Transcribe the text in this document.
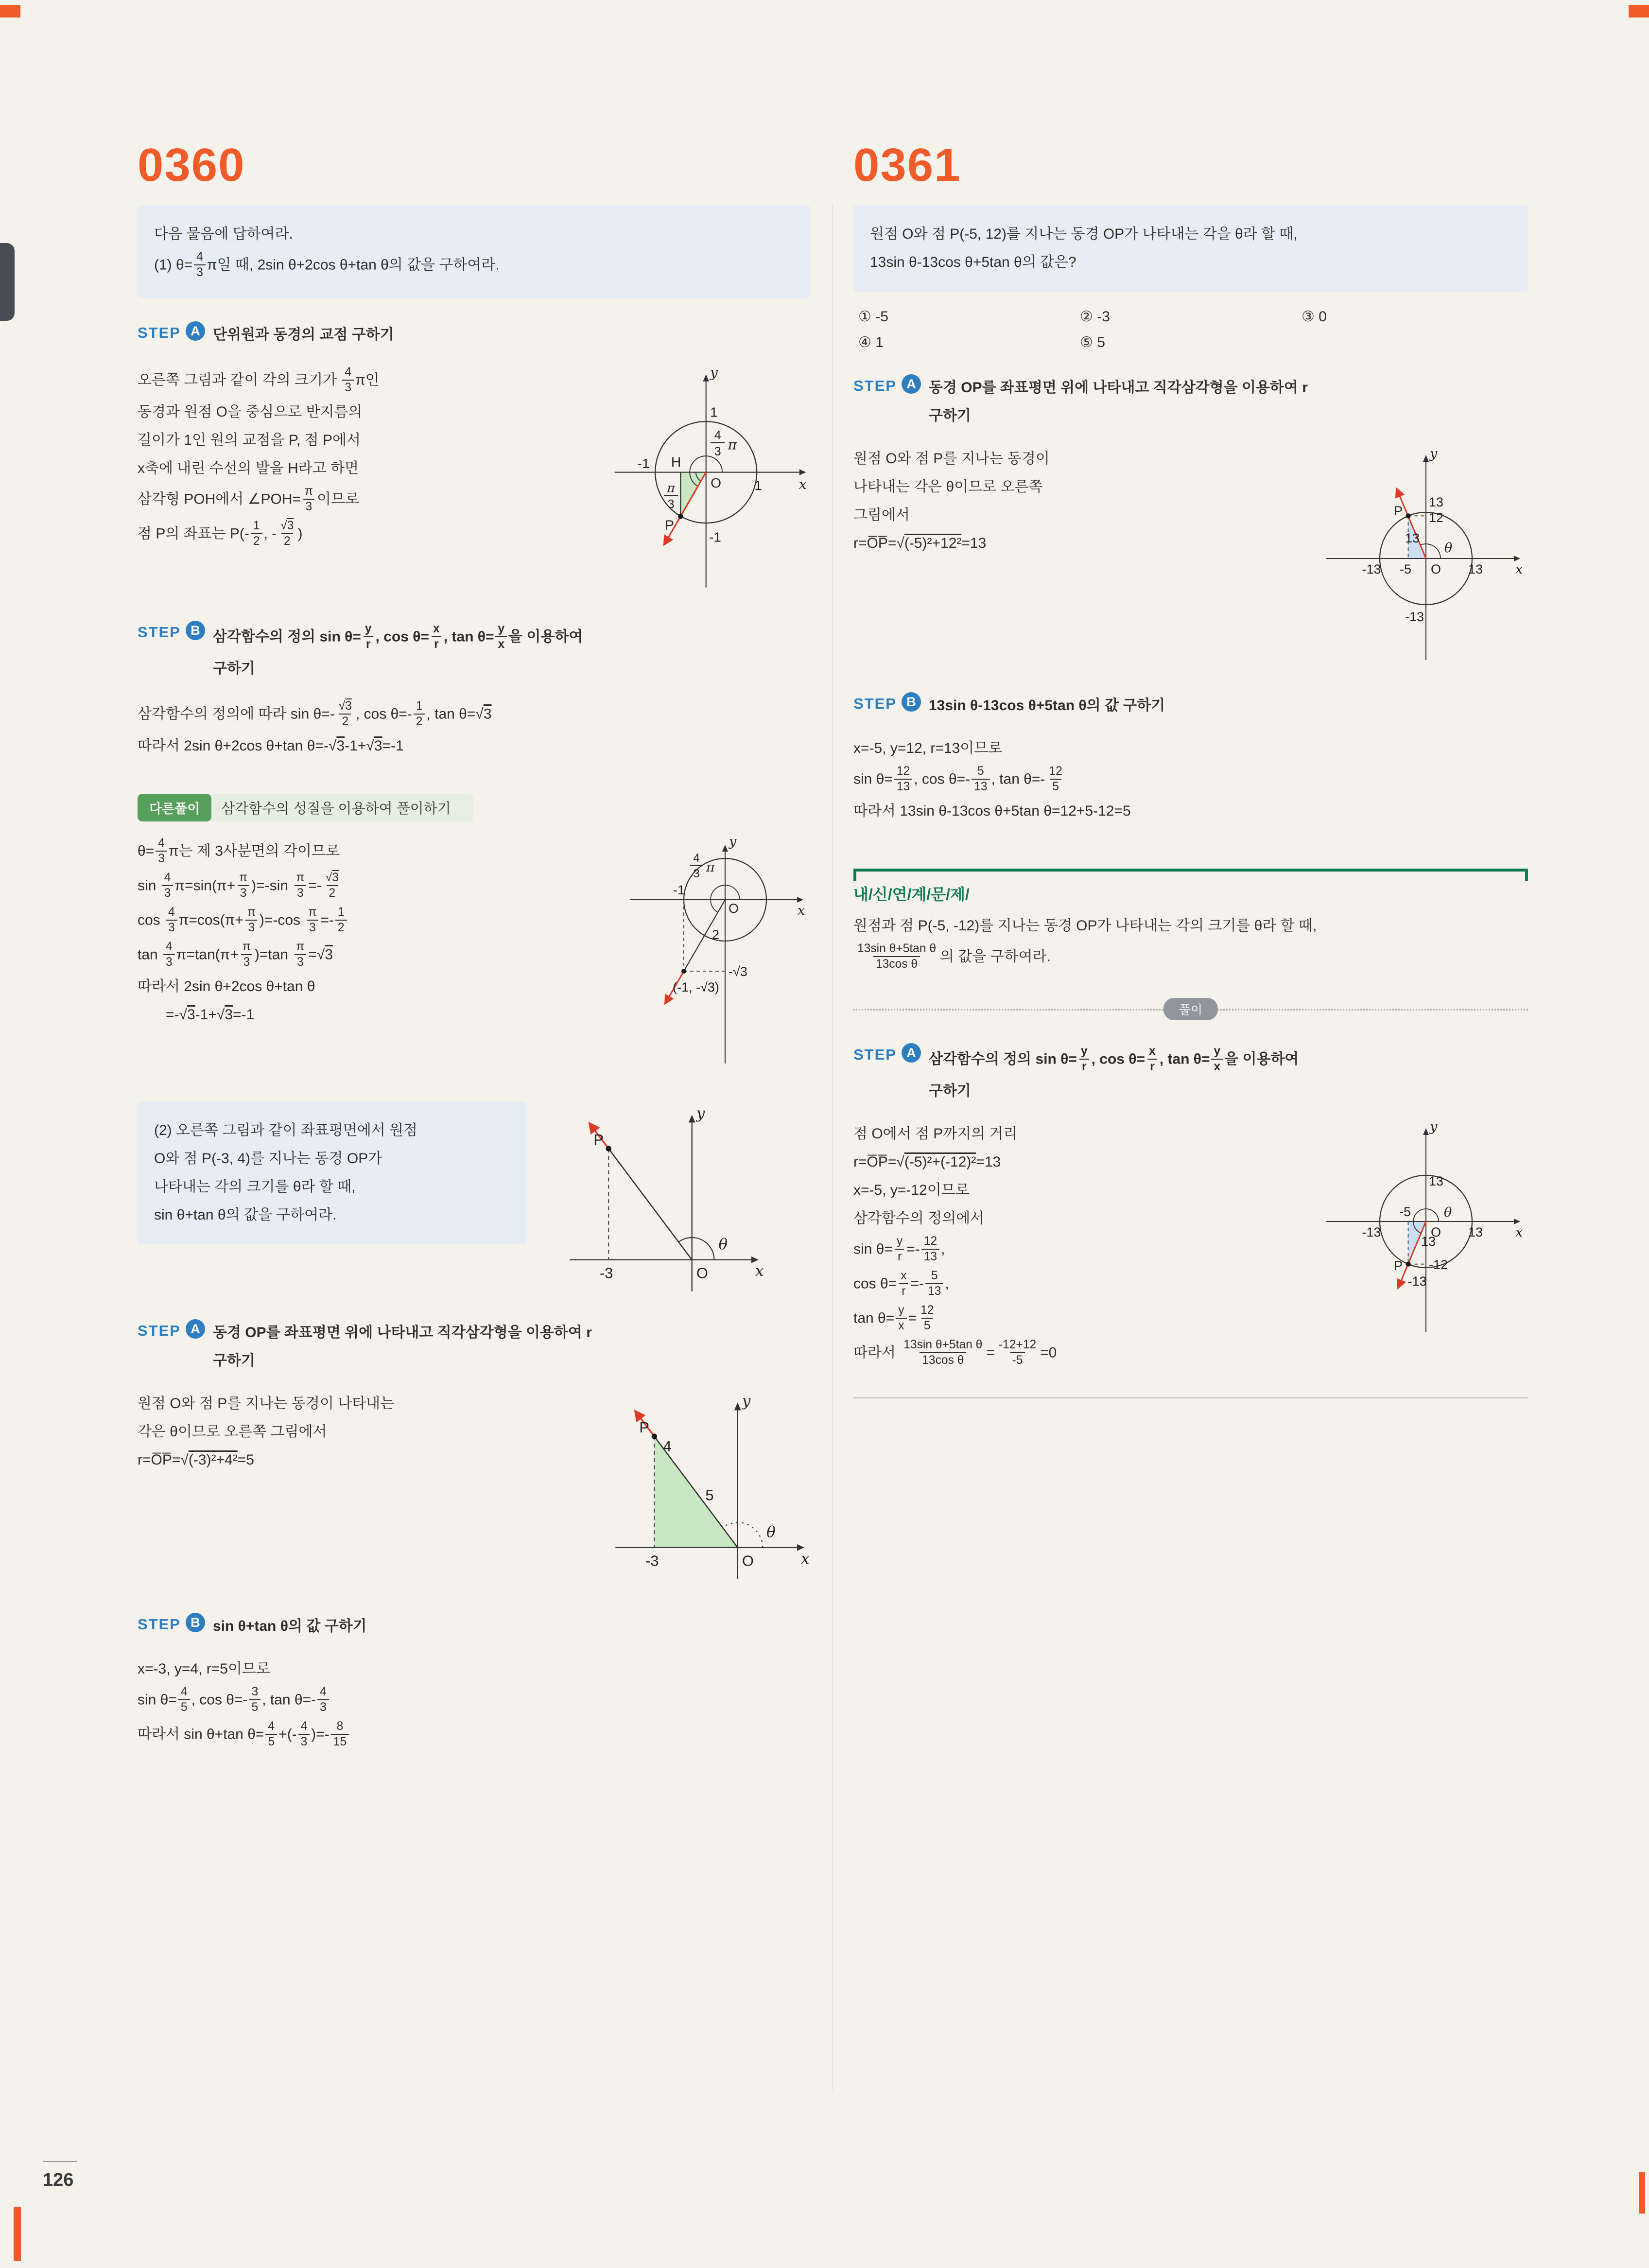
0360
다음 물음에 답하여라.
(1) $\theta= \frac{4}{3}$ π일 때, 2sin θ+2cos θ+tan θ의 값을 구하여라.
STEP A 단위원과 동경의 교점 구하기
y
x
1
1
-1
-1
H
O
P
4
3 π
π
3
오른쪽 그림과 같이 각의 크기가 $\frac{4}{3}$ π인
동경과 원점 O을 중심으로 반지름의
길이가 1인 원의 교점을 P, 점 P에서
x축에 내린 수선의 발을 H라고 하면
삼각형 POH에서 ∠POH= $\frac{\pi}{3}$ 이므로
점 P의 좌표는 $P(- \frac{1}{2}$ , - $\frac{√3}{2}$ )
STEP B 삼각함수의 정의 $\sin \theta= \frac{y}{r}$ , $\cos \theta= \frac{x}{r}$ , $\tan \theta= \frac{y}{x}$ 을 이용하여
구하기
삼각함수의 정의에 따라 $\sin \theta=- \frac{√3}{2}$ , $\cos \theta=- \frac{1}{2}$ , tan θ=√3
따라서 2sin θ+2cos θ+tan θ=-√3-1+√3=-1
다른풀이	삼각함수의 성질을 이용하여 풀이하기
y
x
-1
O
2
-√3
(-1, -√3)
4
3 π
$\theta= \frac{4}{3}$ π는 제 3사분면의 각이므로
$\sin \frac{4}{3} \pi=\sin(\pi+ \frac{\pi}{3} )=-\sin \frac{\pi}{3} =- \frac{√3}{2}$
$\cos \frac{4}{3} \pi=\cos(\pi+ \frac{\pi}{3} )=-\cos \frac{\pi}{3} =- \frac{1}{2}$
$\tan \frac{4}{3} \pi=\tan(\pi+ \frac{\pi}{3} )=\tan \frac{\pi}{3} =√3$
따라서 2sin θ+2cos θ+tan θ
=-√3-1+√3=-1
(2) 오른쪽 그림과 같이 좌표평면에서 원점
O와 점 P(-3, 4)를 지나는 동경 OP가
나타내는 각의 크기를 θ라 할 때,
sin θ+tan θ의 값을 구하여라.
y
x
P
-3	O
θ
STEP A 동경 OP를 좌표평면 위에 나타내고 직각삼각형을 이용하여 r
구하기
y
x
P
4
5
-3	O
θ
원점 O와 점 P를 지나는 동경이 나타내는
각은 θ이므로 오른쪽 그림에서
r=O̅P̅=√(-3)²+4²=5
STEP B sin θ+tan θ의 값 구하기
x=-3, y=4, r=5이므로
$\sin \theta= \frac{4}{5}$ , $\cos \theta=- \frac{3}{5}$ , $\tan \theta=- \frac{4}{3}$
따라서 sin θ+tan $\theta= \frac{4}{5}$ +(- $\frac{4}{3}$ )=- $\frac{8}{15}$
0361
원점 O와 점 P(-5, 12)를 지나는 동경 OP가 나타내는 각을 θ라 할 때,
13sin θ-13cos θ+5tan θ의 값은?
① -5	② -3	③ 0
④ 1	⑤ 5
STEP A 동경 OP를 좌표평면 위에 나타내고 직각삼각형을 이용하여 r
구하기
y
x
P
13
12
13
θ
-13 -5 O 13
-13
원점 O와 점 P를 지나는 동경이
나타내는 각은 θ이므로 오른쪽
그림에서
r=O̅P̅=√(-5)²+12²=13
STEP B 13sin θ-13cos θ+5tan θ의 값 구하기
x=-5, y=12, r=13이므로
$\sin \theta= \frac{12}{13}$ , $\cos \theta=- \frac{5}{13}$ , $\tan \theta=- \frac{12}{5}$
따라서 13sin θ-13cos θ+5tan θ=12+5-12=5
내/신/연/계/문/제/
원점과 점 P(-5, -12)를 지나는 동경 OP가 나타내는 각의 크기를 θ라 할 때,
$\frac{\text{13sin θ+5tan θ}}{\text{13cos θ}}$ 의 값을 구하여라.
풀이
STEP A 삼각함수의 정의 $\sin \theta= \frac{y}{r}$ , $\cos \theta= \frac{x}{r}$ , $\tan \theta= \frac{y}{x}$ 을 이용하여
구하기
y
x
13
-5	θ
-13	O 13
13
-12
P
-13
점 O에서 점 P까지의 거리
r=O̅P̅=√(-5)²+(-12)²=13
x=-5, y=-12이므로
삼각함수의 정의에서
$\sin \theta= \frac{y}{r} =- \frac{12}{13}$ ,
$\cos \theta= \frac{x}{r} =- \frac{5}{13}$ ,
$\tan \theta= \frac{y}{x} = \frac{12}{5}$
따라서 $\frac{\text{13sin θ+5tan θ}}{\text{13cos θ}} = \frac{-12+12}{-5} =0$
126
